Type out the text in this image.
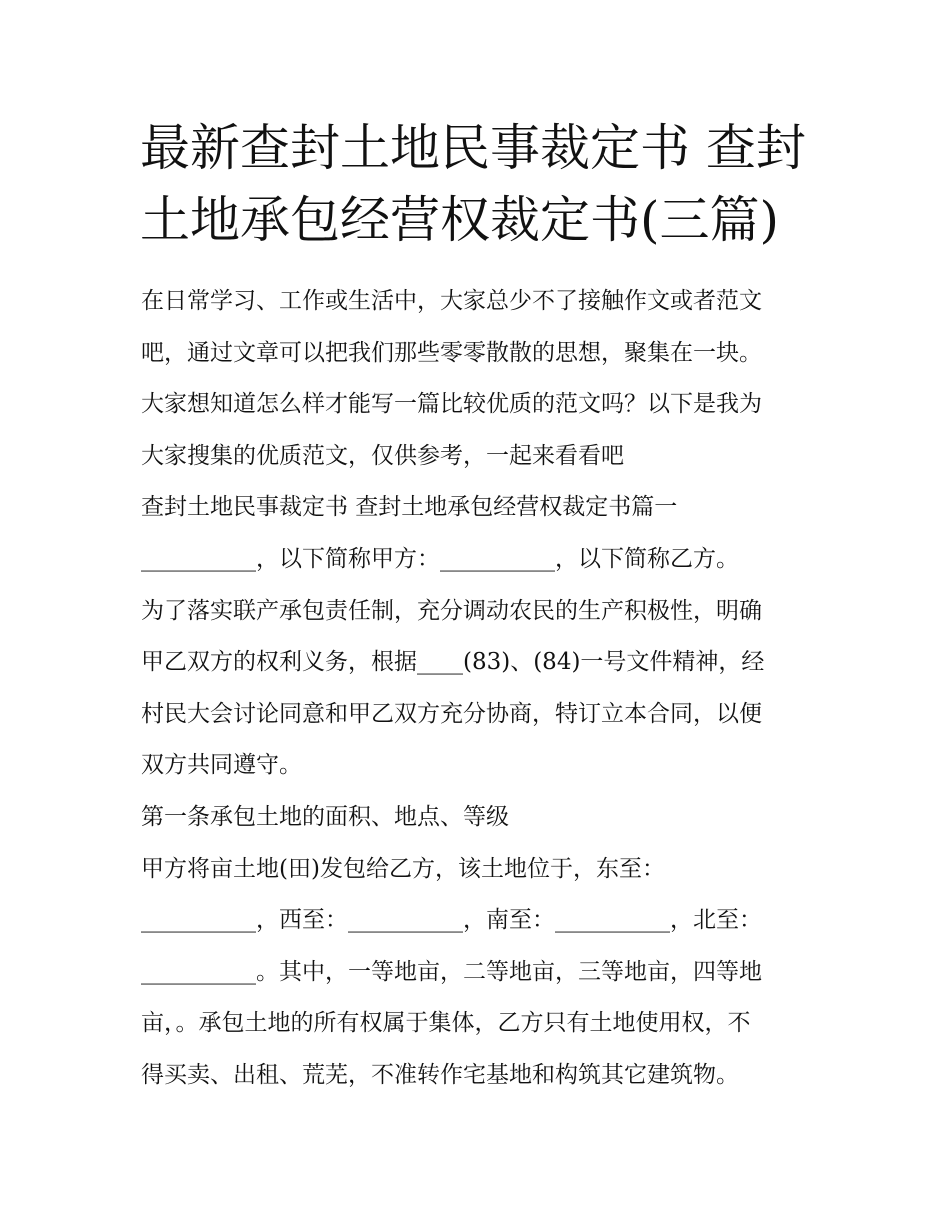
最新查封土地民事裁定书 查封
土地承包经营权裁定书(三篇)
在日常学习、工作或生活中，大家总少不了接触作文或者范文
吧，通过文章可以把我们那些零零散散的思想，聚集在一块。
大家想知道怎么样才能写一篇比较优质的范文吗？以下是我为
大家搜集的优质范文，仅供参考，一起来看看吧
查封土地民事裁定书 查封土地承包经营权裁定书篇一
__________，以下简称甲方：__________，以下简称乙方。
为了落实联产承包责任制，充分调动农民的生产积极性，明确
甲乙双方的权利义务，根据____(83)、(84)一号文件精神，经
村民大会讨论同意和甲乙双方充分协商，特订立本合同，以便
双方共同遵守。
第一条承包土地的面积、地点、等级
甲方将亩土地(田)发包给乙方，该土地位于，东至：
__________，西至：__________，南至：__________，北至：
__________。其中，一等地亩，二等地亩，三等地亩，四等地
亩，。承包土地的所有权属于集体，乙方只有土地使用权，不
得买卖、出租、荒芜，不准转作宅基地和构筑其它建筑物。
